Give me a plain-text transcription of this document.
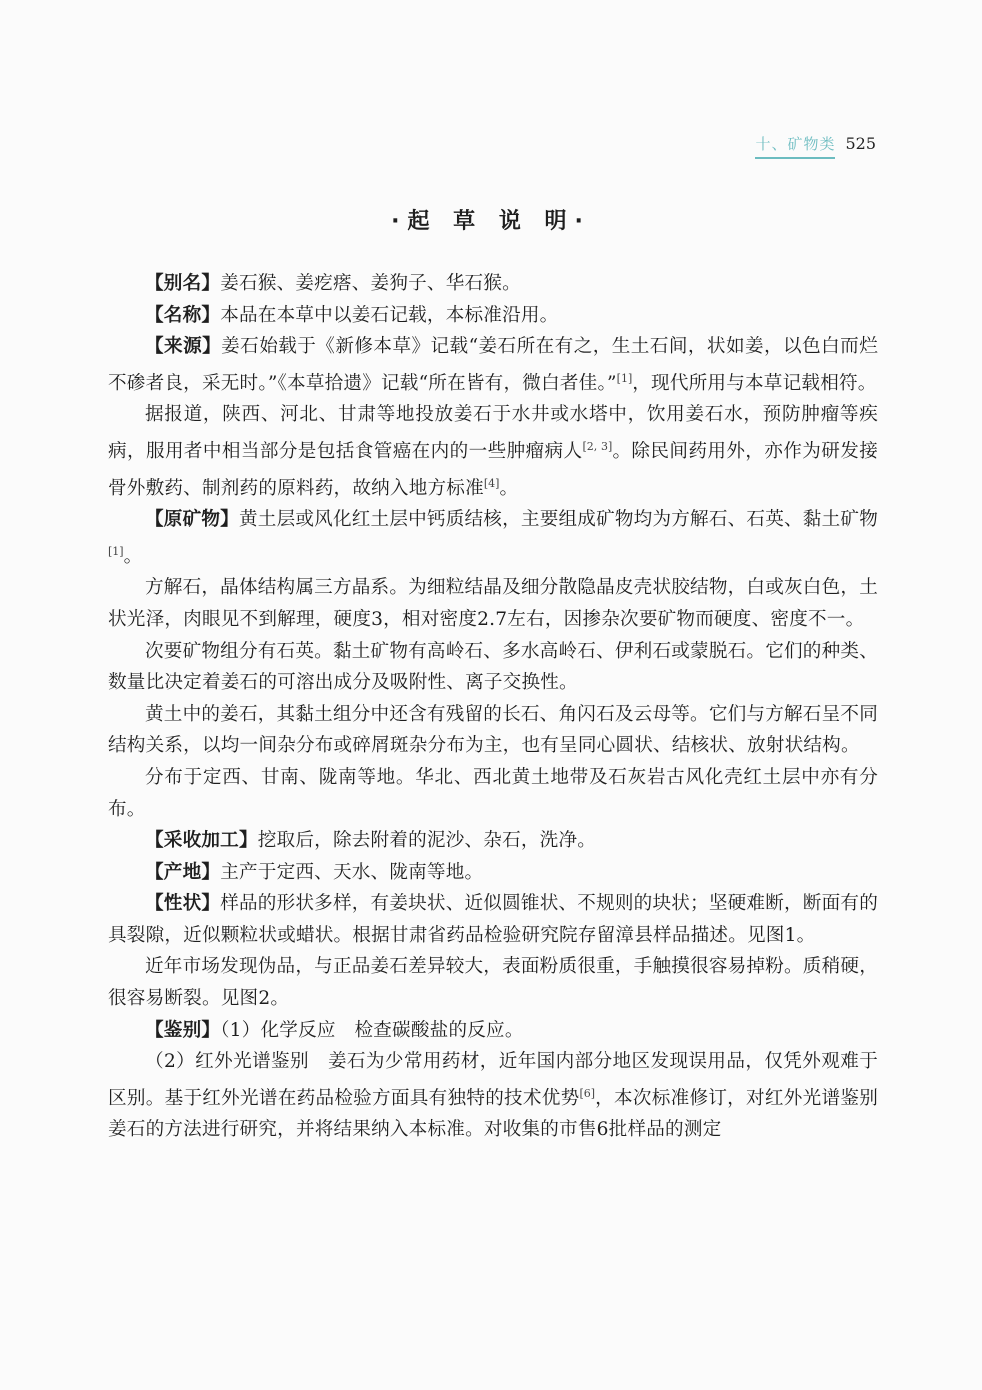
十、矿物类 525
·起 草 说 明·

【别名】姜石猴、姜疙瘩、姜狗子、华石猴。

【名称】本品在本草中以姜石记载，本标准沿用。

【来源】姜石始载于《新修本草》记载“姜石所在有之，生土石间，状如姜，以色白而烂不碜者良，采无时。”《本草拾遗》记载“所在皆有，微白者佳。”[1]，现代所用与本草记载相符。

据报道，陕西、河北、甘肃等地投放姜石于水井或水塔中，饮用姜石水，预防肿瘤等疾病，服用者中相当部分是包括食管癌在内的一些肿瘤病人[2, 3]。除民间药用外，亦作为研发接骨外敷药、制剂药的原料药，故纳入地方标准[4]。

【原矿物】黄土层或风化红土层中钙质结核，主要组成矿物均为方解石、石英、黏土矿物[1]。

方解石，晶体结构属三方晶系。为细粒结晶及细分散隐晶皮壳状胶结物，白或灰白色，土状光泽，肉眼见不到解理，硬度3，相对密度2.7左右，因掺杂次要矿物而硬度、密度不一。

次要矿物组分有石英。黏土矿物有高岭石、多水高岭石、伊利石或蒙脱石。它们的种类、数量比决定着姜石的可溶出成分及吸附性、离子交换性。

黄土中的姜石，其黏土组分中还含有残留的长石、角闪石及云母等。它们与方解石呈不同结构关系，以均一间杂分布或碎屑斑杂分布为主，也有呈同心圆状、结核状、放射状结构。

分布于定西、甘南、陇南等地。华北、西北黄土地带及石灰岩古风化壳红土层中亦有分布。

【采收加工】挖取后，除去附着的泥沙、杂石，洗净。

【产地】主产于定西、天水、陇南等地。

【性状】样品的形状多样，有姜块状、近似圆锥状、不规则的块状；坚硬难断，断面有的具裂隙，近似颗粒状或蜡状。根据甘肃省药品检验研究院存留漳县样品描述。见图1。

近年市场发现伪品，与正品姜石差异较大，表面粉质很重，手触摸很容易掉粉。质稍硬，很容易断裂。见图2。

【鉴别】（1）化学反应　检查碳酸盐的反应。

（2）红外光谱鉴别　姜石为少常用药材，近年国内部分地区发现误用品，仅凭外观难于区别。基于红外光谱在药品检验方面具有独特的技术优势[6]，本次标准修订，对红外光谱鉴别姜石的方法进行研究，并将结果纳入本标准。对收集的市售6批样品的测定
